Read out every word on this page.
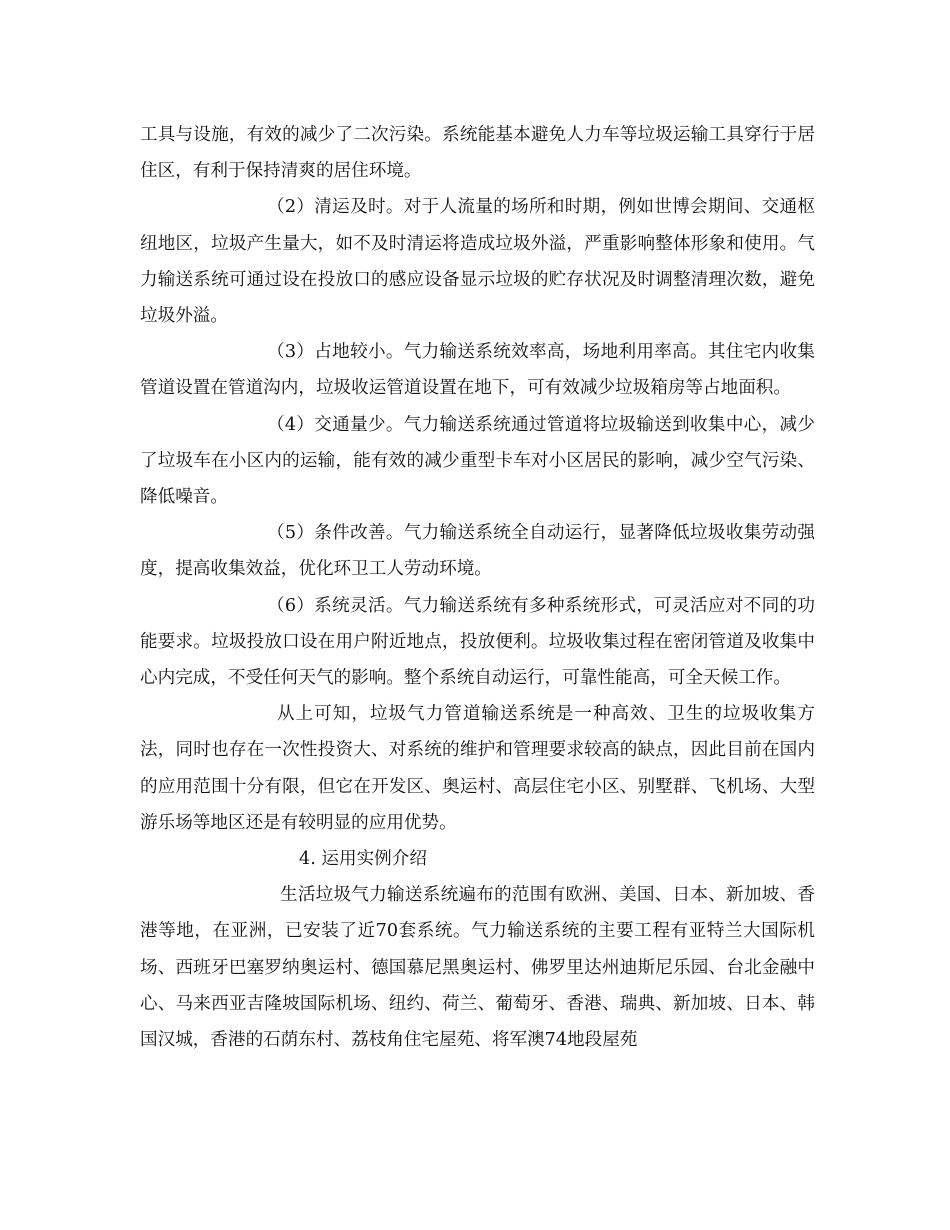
工具与设施，有效的减少了二次污染。系统能基本避免人力车等垃圾运输工具穿行于居住区，有利于保持清爽的居住环境。

（2）清运及时。对于人流量的场所和时期，例如世博会期间、交通枢纽地区，垃圾产生量大，如不及时清运将造成垃圾外溢，严重影响整体形象和使用。气力输送系统可通过设在投放口的感应设备显示垃圾的贮存状况及时调整清理次数，避免垃圾外溢。

（3）占地较小。气力输送系统效率高，场地利用率高。其住宅内收集管道设置在管道沟内，垃圾收运管道设置在地下，可有效减少垃圾箱房等占地面积。

（4）交通量少。气力输送系统通过管道将垃圾输送到收集中心，减少了垃圾车在小区内的运输，能有效的减少重型卡车对小区居民的影响，减少空气污染、降低噪音。

（5）条件改善。气力输送系统全自动运行，显著降低垃圾收集劳动强度，提高收集效益，优化环卫工人劳动环境。

（6）系统灵活。气力输送系统有多种系统形式，可灵活应对不同的功能要求。垃圾投放口设在用户附近地点，投放便利。垃圾收集过程在密闭管道及收集中心内完成，不受任何天气的影响。整个系统自动运行，可靠性能高，可全天候工作。

从上可知，垃圾气力管道输送系统是一种高效、卫生的垃圾收集方法，同时也存在一次性投资大、对系统的维护和管理要求较高的缺点，因此目前在国内的应用范围十分有限，但它在开发区、奥运村、高层住宅小区、别墅群、飞机场、大型游乐场等地区还是有较明显的应用优势。

4. 运用实例介绍

生活垃圾气力输送系统遍布的范围有欧洲、美国、日本、新加坡、香港等地，在亚洲，已安装了近70套系统。气力输送系统的主要工程有亚特兰大国际机场、西班牙巴塞罗纳奥运村、德国慕尼黑奥运村、佛罗里达州迪斯尼乐园、台北金融中心、马来西亚吉隆坡国际机场、纽约、荷兰、葡萄牙、香港、瑞典、新加坡、日本、韩国汉城，香港的石荫东村、荔枝角住宅屋苑、将军澳74地段屋苑
